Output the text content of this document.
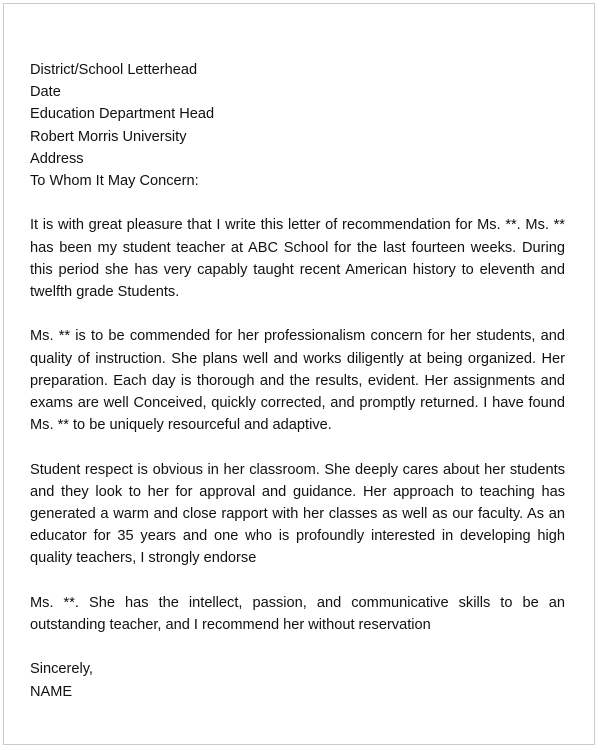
District/School Letterhead
Date
Education Department Head
Robert Morris University
Address
To Whom It May Concern:
It is with great pleasure that I write this letter of recommendation for Ms. **. Ms. ** has been my student teacher at ABC School for the last fourteen weeks. During this period she has very capably taught recent American history to eleventh and twelfth grade Students.
Ms. ** is to be commended for her professionalism concern for her students, and quality of instruction. She plans well and works diligently at being organized. Her preparation. Each day is thorough and the results, evident. Her assignments and exams are well Conceived, quickly corrected, and promptly returned. I have found Ms. ** to be uniquely resourceful and adaptive.
Student respect is obvious in her classroom. She deeply cares about her students and they look to her for approval and guidance. Her approach to teaching has generated a warm and close rapport with her classes as well as our faculty. As an educator for 35 years and one who is profoundly interested in developing high quality teachers, I strongly endorse
Ms. **. She has the intellect, passion, and communicative skills to be an outstanding teacher, and I recommend her without reservation
Sincerely,
NAME
